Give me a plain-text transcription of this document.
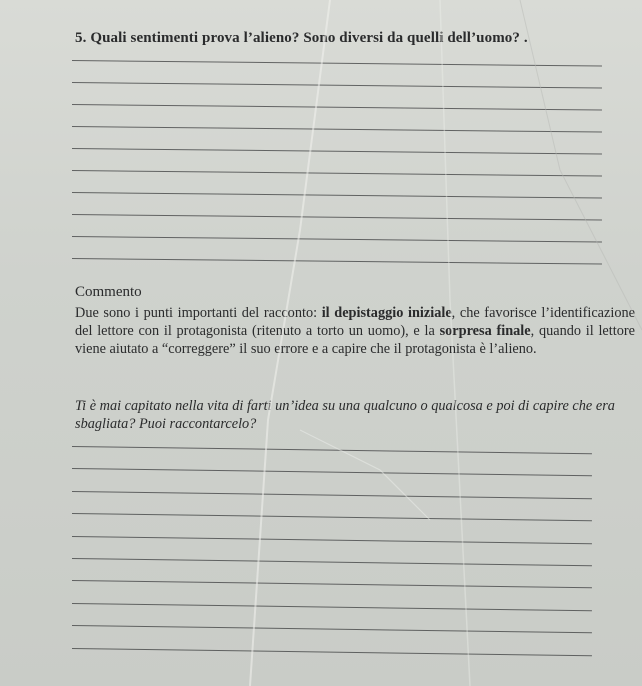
5. Quali sentimenti prova l’alieno? Sono diversi da quelli dell’uomo? .
Commento
Due sono i punti importanti del racconto: il depistaggio iniziale, che favorisce l’identificazione del lettore con il protagonista (ritenuto a torto un uomo), e la sorpresa finale, quando il lettore viene aiutato a “correggere” il suo errore e a capire che il protagonista è l’alieno.
Ti è mai capitato nella vita di farti un’idea su una qualcuno o qualcosa e poi di capire che era sbagliata? Puoi raccontarcelo?
